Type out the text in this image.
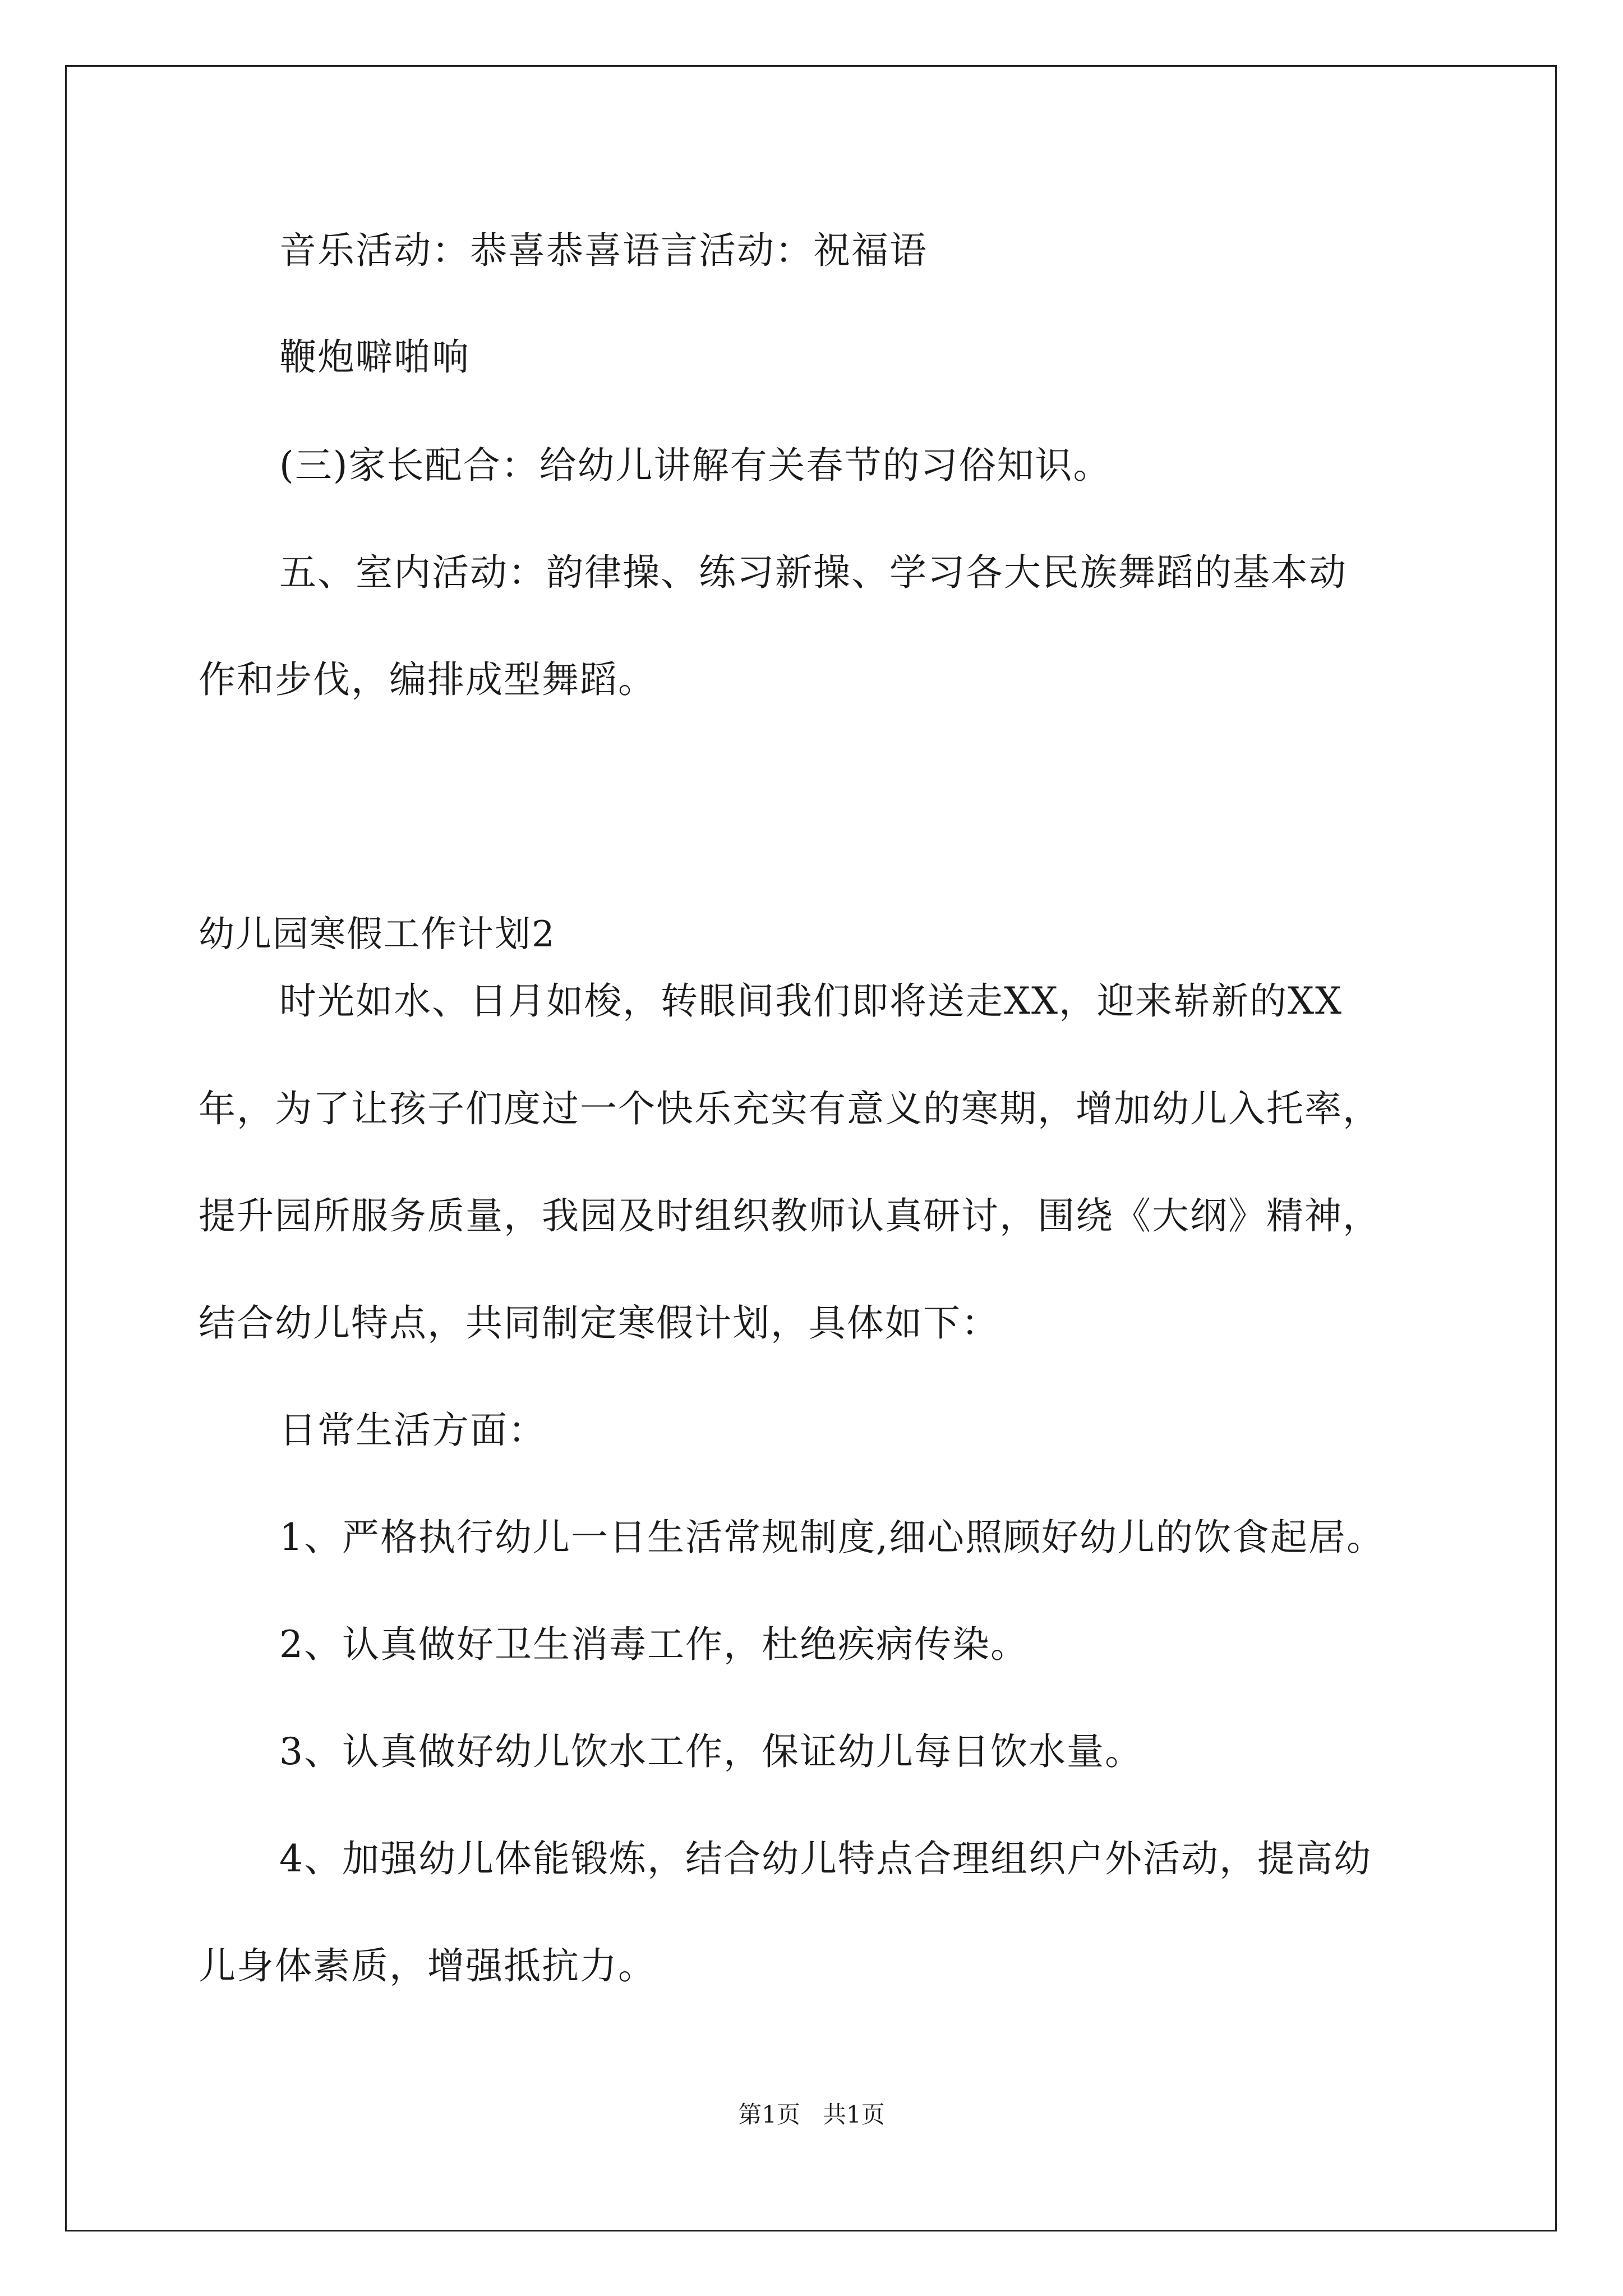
音乐活动：恭喜恭喜语言活动：祝福语
鞭炮噼啪响
(三)家长配合：给幼儿讲解有关春节的习俗知识。
五、室内活动：韵律操、练习新操、学习各大民族舞蹈的基本动
作和步伐，编排成型舞蹈。
幼儿园寒假工作计划2
时光如水、日月如梭，转眼间我们即将送走XX，迎来崭新的XX
年，为了让孩子们度过一个快乐充实有意义的寒期，增加幼儿入托率，
提升园所服务质量，我园及时组织教师认真研讨，围绕《大纲》精神，
结合幼儿特点，共同制定寒假计划，具体如下：
日常生活方面：
1、严格执行幼儿一日生活常规制度,细心照顾好幼儿的饮食起居。
2、认真做好卫生消毒工作，杜绝疾病传染。
3、认真做好幼儿饮水工作，保证幼儿每日饮水量。
4、加强幼儿体能锻炼，结合幼儿特点合理组织户外活动，提高幼
儿身体素质，增强抵抗力。
第1页   共1页
